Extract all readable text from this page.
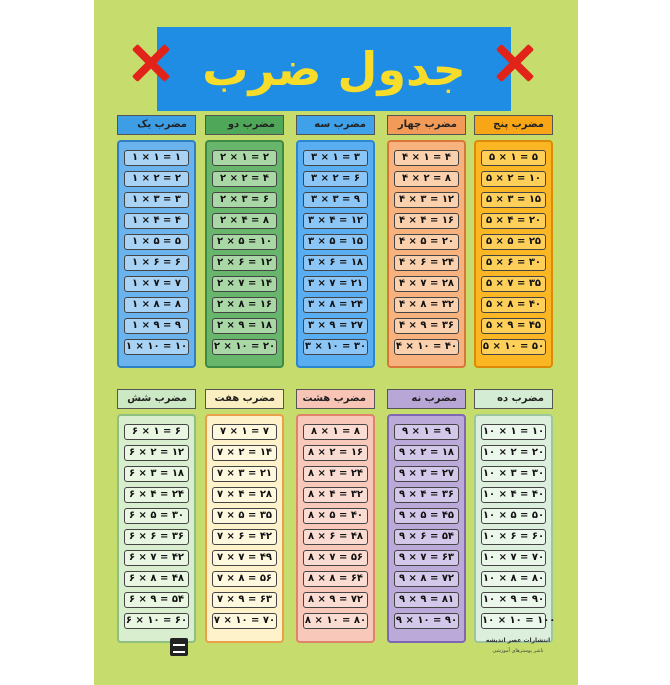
جدول ضرب
مضرب یک
۱ × ۱ = ۱
۱ × ۲ = ۲
۱ × ۳ = ۳
۱ × ۴ = ۴
۱ × ۵ = ۵
۱ × ۶ = ۶
۱ × ۷ = ۷
۱ × ۸ = ۸
۱ × ۹ = ۹
۱ × ۱۰ = ۱۰
مضرب دو
۲ × ۱ = ۲
۲ × ۲ = ۴
۲ × ۳ = ۶
۲ × ۴ = ۸
۲ × ۵ = ۱۰
۲ × ۶ = ۱۲
۲ × ۷ = ۱۴
۲ × ۸ = ۱۶
۲ × ۹ = ۱۸
۲ × ۱۰ = ۲۰
مضرب سه
۳ × ۱ = ۳
۳ × ۲ = ۶
۳ × ۳ = ۹
۳ × ۴ = ۱۲
۳ × ۵ = ۱۵
۳ × ۶ = ۱۸
۳ × ۷ = ۲۱
۳ × ۸ = ۲۴
۳ × ۹ = ۲۷
۳ × ۱۰ = ۳۰
مضرب چهار
۴ × ۱ = ۴
۴ × ۲ = ۸
۴ × ۳ = ۱۲
۴ × ۴ = ۱۶
۴ × ۵ = ۲۰
۴ × ۶ = ۲۴
۴ × ۷ = ۲۸
۴ × ۸ = ۳۲
۴ × ۹ = ۳۶
۴ × ۱۰ = ۴۰
مضرب پنج
۵ × ۱ = ۵
۵ × ۲ = ۱۰
۵ × ۳ = ۱۵
۵ × ۴ = ۲۰
۵ × ۵ = ۲۵
۵ × ۶ = ۳۰
۵ × ۷ = ۳۵
۵ × ۸ = ۴۰
۵ × ۹ = ۴۵
۵ × ۱۰ = ۵۰
مضرب شش
۶ × ۱ = ۶
۶ × ۲ = ۱۲
۶ × ۳ = ۱۸
۶ × ۴ = ۲۴
۶ × ۵ = ۳۰
۶ × ۶ = ۳۶
۶ × ۷ = ۴۲
۶ × ۸ = ۴۸
۶ × ۹ = ۵۴
۶ × ۱۰ = ۶۰
مضرب هفت
۷ × ۱ = ۷
۷ × ۲ = ۱۴
۷ × ۳ = ۲۱
۷ × ۴ = ۲۸
۷ × ۵ = ۳۵
۷ × ۶ = ۴۲
۷ × ۷ = ۴۹
۷ × ۸ = ۵۶
۷ × ۹ = ۶۳
۷ × ۱۰ = ۷۰
مضرب هشت
۸ × ۱ = ۸
۸ × ۲ = ۱۶
۸ × ۳ = ۲۴
۸ × ۴ = ۳۲
۸ × ۵ = ۴۰
۸ × ۶ = ۴۸
۸ × ۷ = ۵۶
۸ × ۸ = ۶۴
۸ × ۹ = ۷۲
۸ × ۱۰ = ۸۰
مضرب نه
۹ × ۱ = ۹
۹ × ۲ = ۱۸
۹ × ۳ = ۲۷
۹ × ۴ = ۳۶
۹ × ۵ = ۴۵
۹ × ۶ = ۵۴
۹ × ۷ = ۶۳
۹ × ۸ = ۷۲
۹ × ۹ = ۸۱
۹ × ۱۰ = ۹۰
مضرب ده
۱۰ × ۱ = ۱۰
۱۰ × ۲ = ۲۰
۱۰ × ۳ = ۳۰
۱۰ × ۴ = ۴۰
۱۰ × ۵ = ۵۰
۱۰ × ۶ = ۶۰
۱۰ × ۷ = ۷۰
۱۰ × ۸ = ۸۰
۱۰ × ۹ = ۹۰
۱۰ × ۱۰ = ۱۰۰
انتشارات عصر اندیشه
ناشر پوسترهای آموزشی
